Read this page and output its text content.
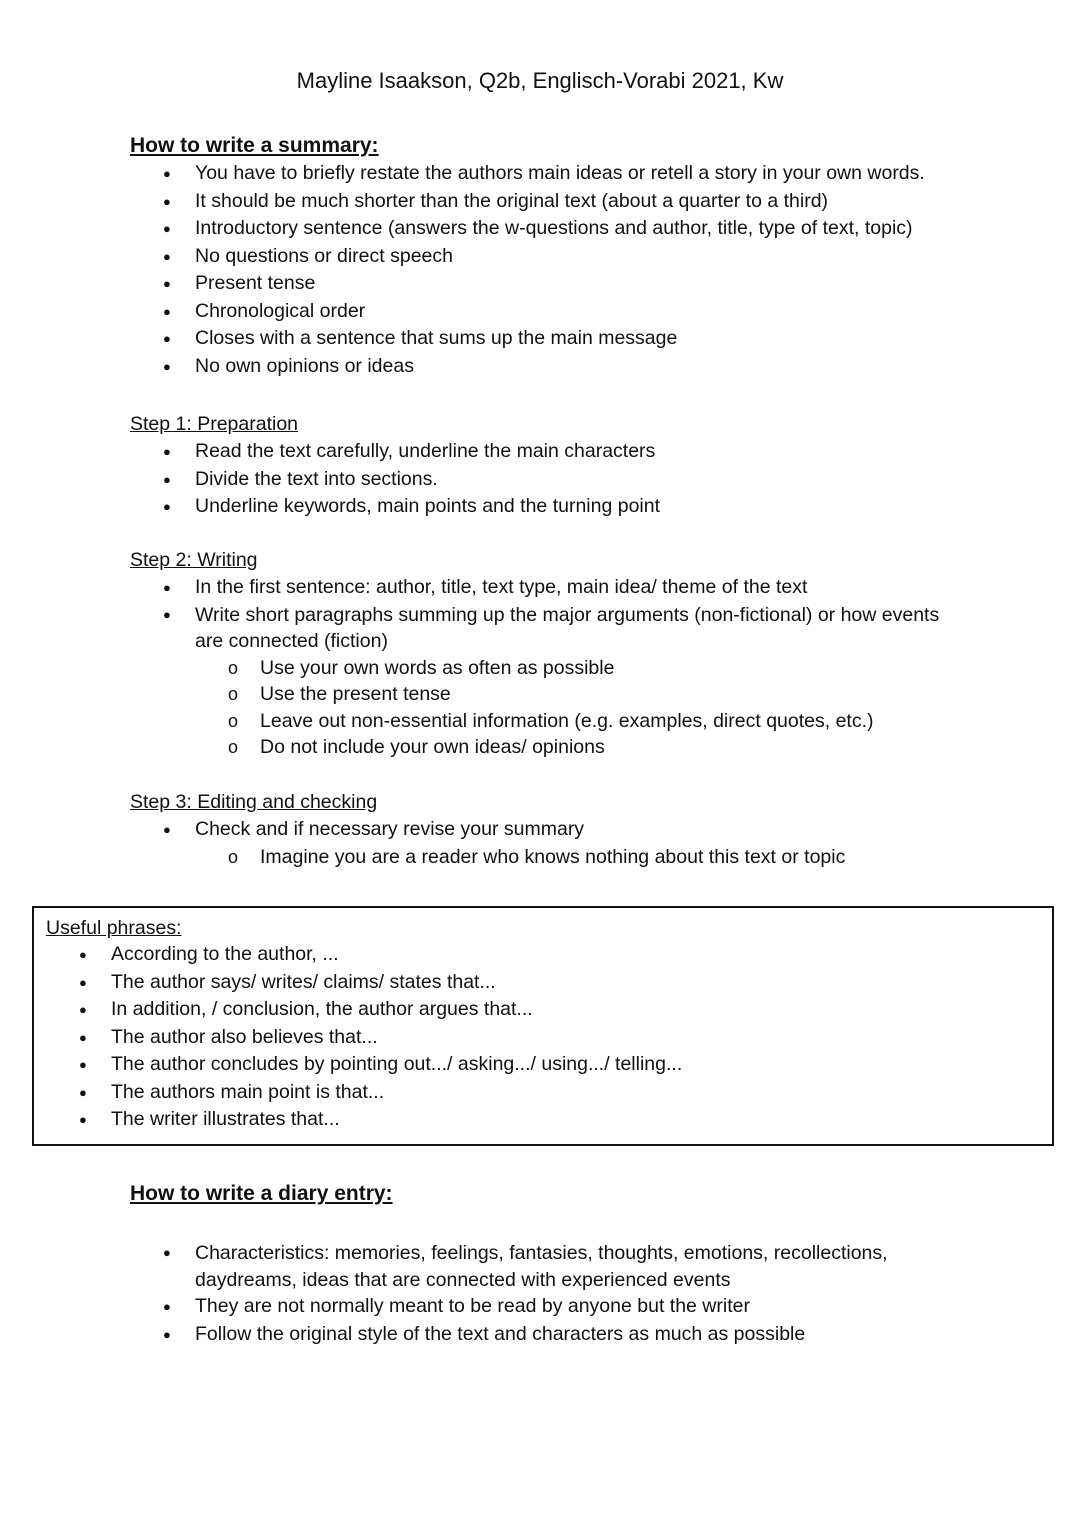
Mayline Isaakson, Q2b, Englisch-Vorabi 2021, Kw
How to write a summary:
● You have to briefly restate the authors main ideas or retell a story in your own words.
● It should be much shorter than the original text (about a quarter to a third)
● Introductory sentence (answers the w-questions and author, title, type of text, topic)
● No questions or direct speech
● Present tense
● Chronological order
● Closes with a sentence that sums up the main message
● No own opinions or ideas
Step 1: Preparation
● Read the text carefully, underline the main characters
● Divide the text into sections.
● Underline keywords, main points and the turning point
Step 2: Writing
● In the first sentence: author, title, text type, main idea/ theme of the text
● Write short paragraphs summing up the major arguments (non-fictional) or how events are connected (fiction)
o Use your own words as often as possible
o Use the present tense
o Leave out non-essential information (e.g. examples, direct quotes, etc.)
o Do not include your own ideas/ opinions
Step 3: Editing and checking
● Check and if necessary revise your summary
o Imagine you are a reader who knows nothing about this text or topic
Useful phrases:
● According to the author, ...
● The author says/ writes/ claims/ states that...
● In addition, / conclusion, the author argues that...
● The author also believes that...
● The author concludes by pointing out.../ asking.../ using.../ telling...
● The authors main point is that...
● The writer illustrates that...
How to write a diary entry:
● Characteristics: memories, feelings, fantasies, thoughts, emotions, recollections, daydreams, ideas that are connected with experienced events
● They are not normally meant to be read by anyone but the writer
● Follow the original style of the text and characters as much as possible
